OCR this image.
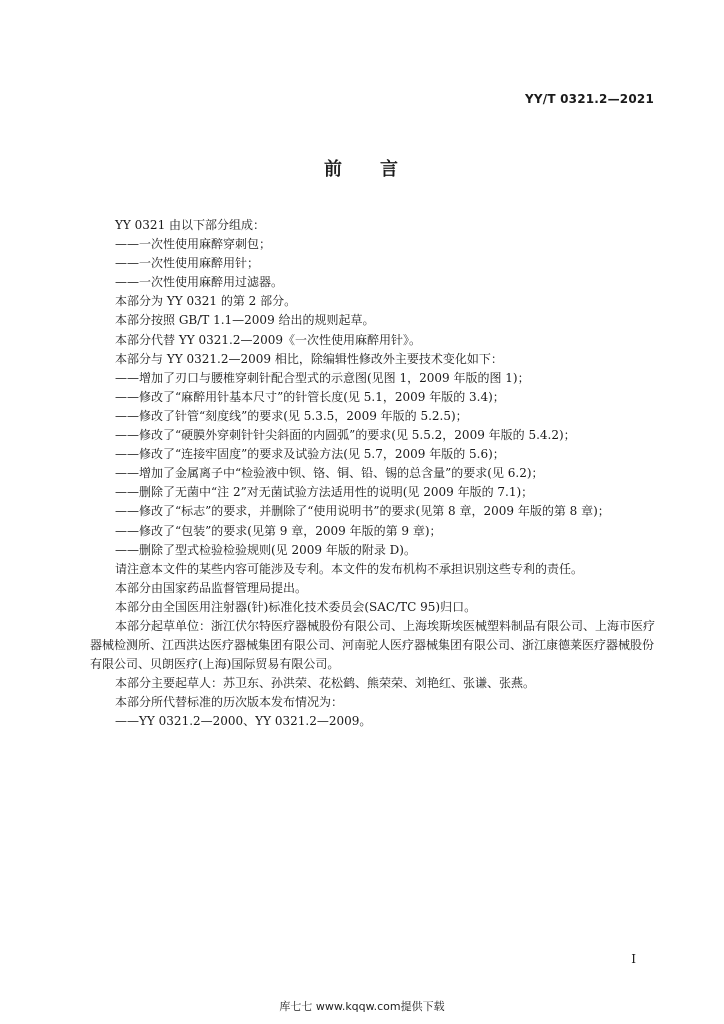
YY/T 0321.2—2021
前 言
YY 0321 由以下部分组成：
——一次性使用麻醉穿刺包；
——一次性使用麻醉用针；
——一次性使用麻醉用过滤器。
本部分为 YY 0321 的第 2 部分。
本部分按照 GB/T 1.1—2009 给出的规则起草。
本部分代替 YY 0321.2—2009《一次性使用麻醉用针》。
本部分与 YY 0321.2—2009 相比，除编辑性修改外主要技术变化如下：
——增加了刃口与腰椎穿刺针配合型式的示意图(见图 1，2009 年版的图 1)；
——修改了“麻醉用针基本尺寸”的针管长度(见 5.1，2009 年版的 3.4)；
——修改了针管“刻度线”的要求(见 5.3.5，2009 年版的 5.2.5)；
——修改了“硬膜外穿刺针针尖斜面的内圆弧”的要求(见 5.5.2，2009 年版的 5.4.2)；
——修改了“连接牢固度”的要求及试验方法(见 5.7，2009 年版的 5.6)；
——增加了金属离子中“检验液中钡、铬、铜、铅、锡的总含量”的要求(见 6.2)；
——删除了无菌中“注 2”对无菌试验方法适用性的说明(见 2009 年版的 7.1)；
——修改了“标志”的要求，并删除了“使用说明书”的要求(见第 8 章，2009 年版的第 8 章)；
——修改了“包装”的要求(见第 9 章，2009 年版的第 9 章)；
——删除了型式检验检验规则(见 2009 年版的附录 D)。
请注意本文件的某些内容可能涉及专利。本文件的发布机构不承担识别这些专利的责任。
本部分由国家药品监督管理局提出。
本部分由全国医用注射器(针)标准化技术委员会(SAC/TC 95)归口。
本部分起草单位：浙江伏尔特医疗器械股份有限公司、上海埃斯埃医械塑料制品有限公司、上海市医疗器械检测所、江西洪达医疗器械集团有限公司、河南驼人医疗器械集团有限公司、浙江康德莱医疗器械股份有限公司、贝朗医疗(上海)国际贸易有限公司。
本部分主要起草人：苏卫东、孙洪荣、花松鹤、熊荣荣、刘艳红、张谦、张燕。
本部分所代替标准的历次版本发布情况为：
——YY 0321.2—2000、YY 0321.2—2009。
I
库七七 www.kqqw.com提供下载
